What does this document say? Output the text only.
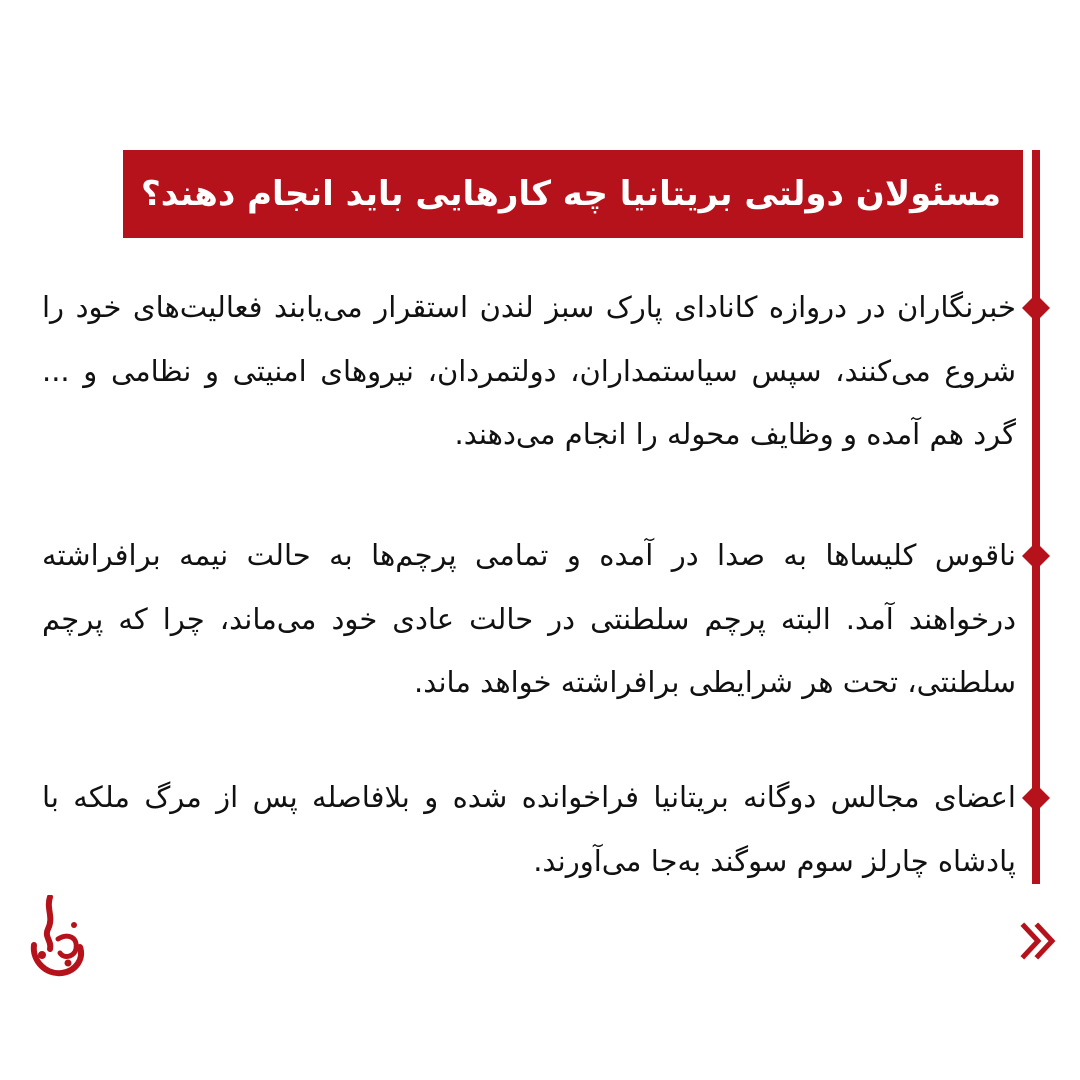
مسئولان دولتی بریتانیا چه کارهایی باید انجام دهند؟
خبرنگاران در دروازه کانادای پارک سبز لندن استقرار می‌یابند فعالیت‌های خود را شروع می‌کنند، سپس سیاستمداران، دولتمردان، نیروهای امنیتی و نظامی و ... گرد هم آمده و وظایف محوله را انجام می‌دهند.
ناقوس کلیساها به صدا در آمده و تمامی پرچم‌ها به حالت نیمه برافراشته درخواهند آمد. البته پرچم سلطنتی در حالت عادی خود می‌ماند، چرا که پرچم سلطنتی، تحت هر شرایطی برافراشته خواهد ماند.
اعضای مجالس دوگانه بریتانیا فراخوانده شده و بلافاصله پس از مرگ ملکه با پادشاه چارلز سوم سوگند به‌جا می‌آورند.
